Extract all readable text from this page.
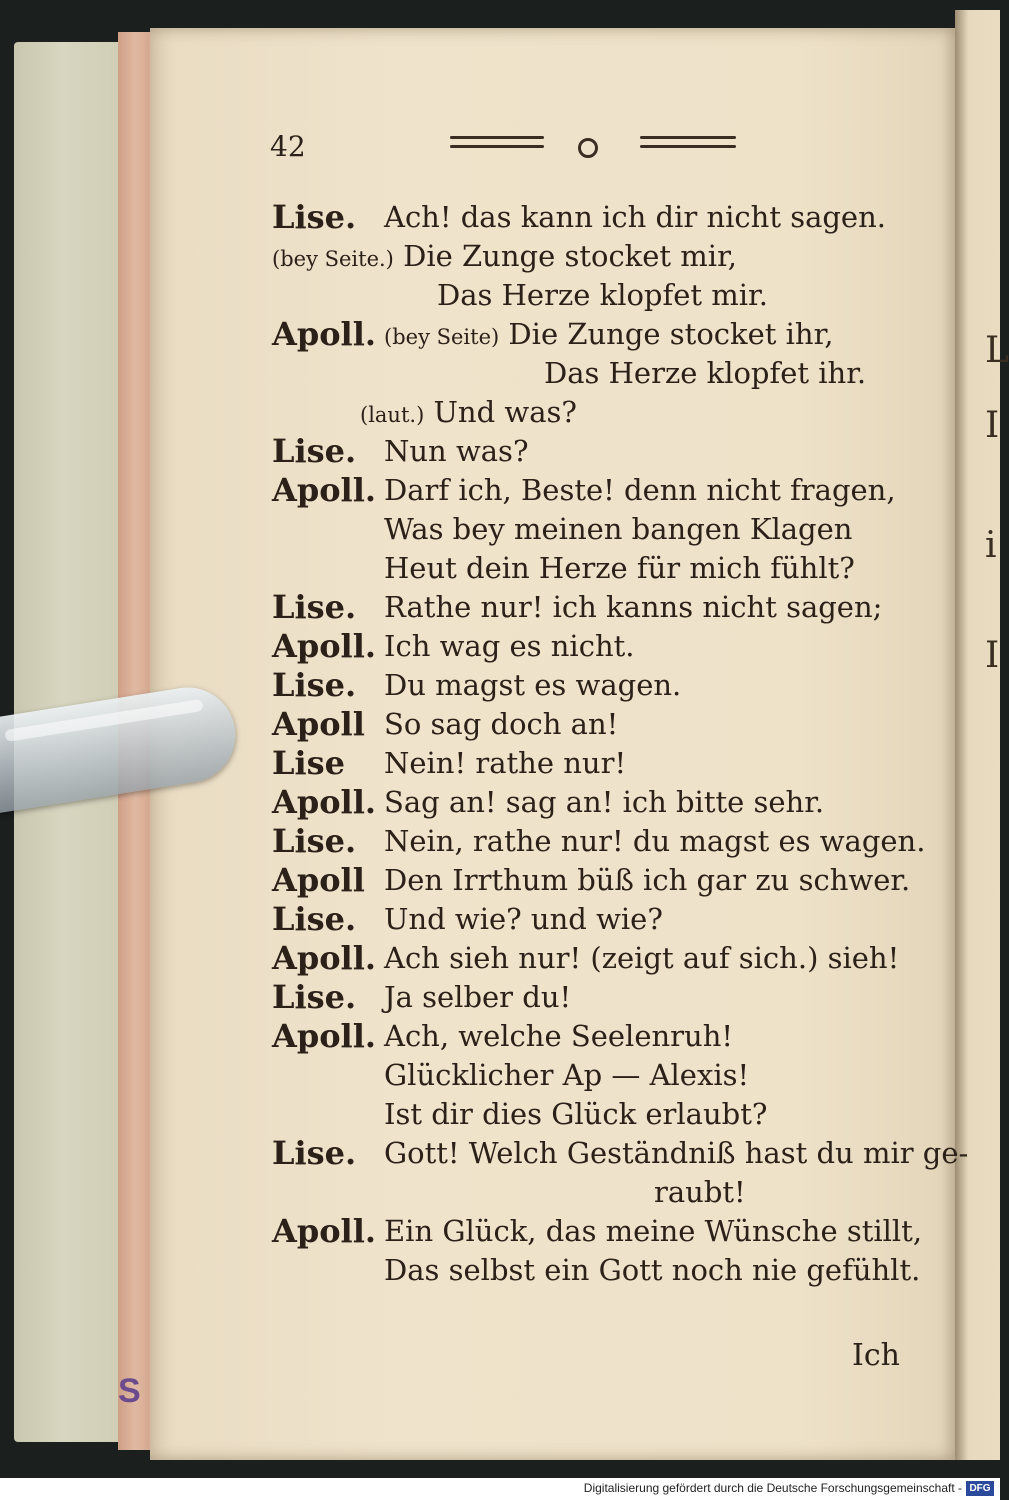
S
L
I
i
I
42
Lise. Ach! das kann ich dir nicht sagen.
(bey Seite.) Die Zunge stocket mir,
Das Herze klopfet mir.
Apoll. (bey Seite) Die Zunge stocket ihr,
Das Herze klopfet ihr.
(laut.) Und was?
Lise. Nun was?
Apoll. Darf ich, Beste! denn nicht fragen,
Was bey meinen bangen Klagen
Heut dein Herze für mich fühlt?
Lise. Rathe nur! ich kanns nicht sagen;
Apoll. Ich wag es nicht.
Lise. Du magst es wagen.
Apoll So sag doch an!
Lise Nein! rathe nur!
Apoll. Sag an! sag an! ich bitte sehr.
Lise. Nein, rathe nur! du magst es wagen.
Apoll Den Irrthum büß ich gar zu schwer.
Lise. Und wie? und wie?
Apoll. Ach sieh nur! (zeigt auf sich.) sieh!
Lise. Ja selber du!
Apoll. Ach, welche Seelenruh!
Glücklicher Ap — Alexis!
Ist dir dies Glück erlaubt?
Lise. Gott! Welch Geständniß hast du mir ge-
raubt!
Apoll. Ein Glück, das meine Wünsche stillt,
Das selbst ein Gott noch nie gefühlt.
Ich
Digitalisierung gefördert durch die Deutsche Forschungsgemeinschaft - DFG
